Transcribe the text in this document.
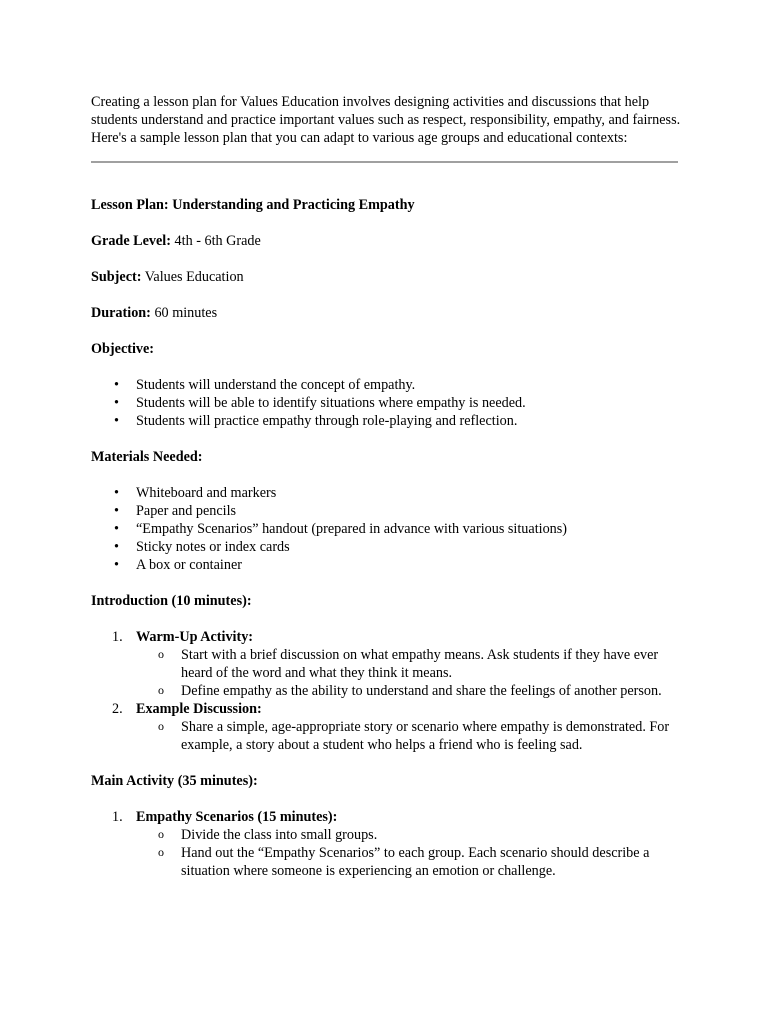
Creating a lesson plan for Values Education involves designing activities and discussions that help students understand and practice important values such as respect, responsibility, empathy, and fairness. Here's a sample lesson plan that you can adapt to various age groups and educational contexts:

Lesson Plan: Understanding and Practicing Empathy

Grade Level: 4th - 6th Grade

Subject: Values Education

Duration: 60 minutes

Objective:

• Students will understand the concept of empathy.
• Students will be able to identify situations where empathy is needed.
• Students will practice empathy through role-playing and reflection.

Materials Needed:

• Whiteboard and markers
• Paper and pencils
• “Empathy Scenarios” handout (prepared in advance with various situations)
• Sticky notes or index cards
• A box or container

Introduction (10 minutes):

1. Warm-Up Activity:
o Start with a brief discussion on what empathy means. Ask students if they have ever heard of the word and what they think it means.
o Define empathy as the ability to understand and share the feelings of another person.
2. Example Discussion:
o Share a simple, age-appropriate story or scenario where empathy is demonstrated. For example, a story about a student who helps a friend who is feeling sad.

Main Activity (35 minutes):

1. Empathy Scenarios (15 minutes):
o Divide the class into small groups.
o Hand out the “Empathy Scenarios” to each group. Each scenario should describe a situation where someone is experiencing an emotion or challenge.
